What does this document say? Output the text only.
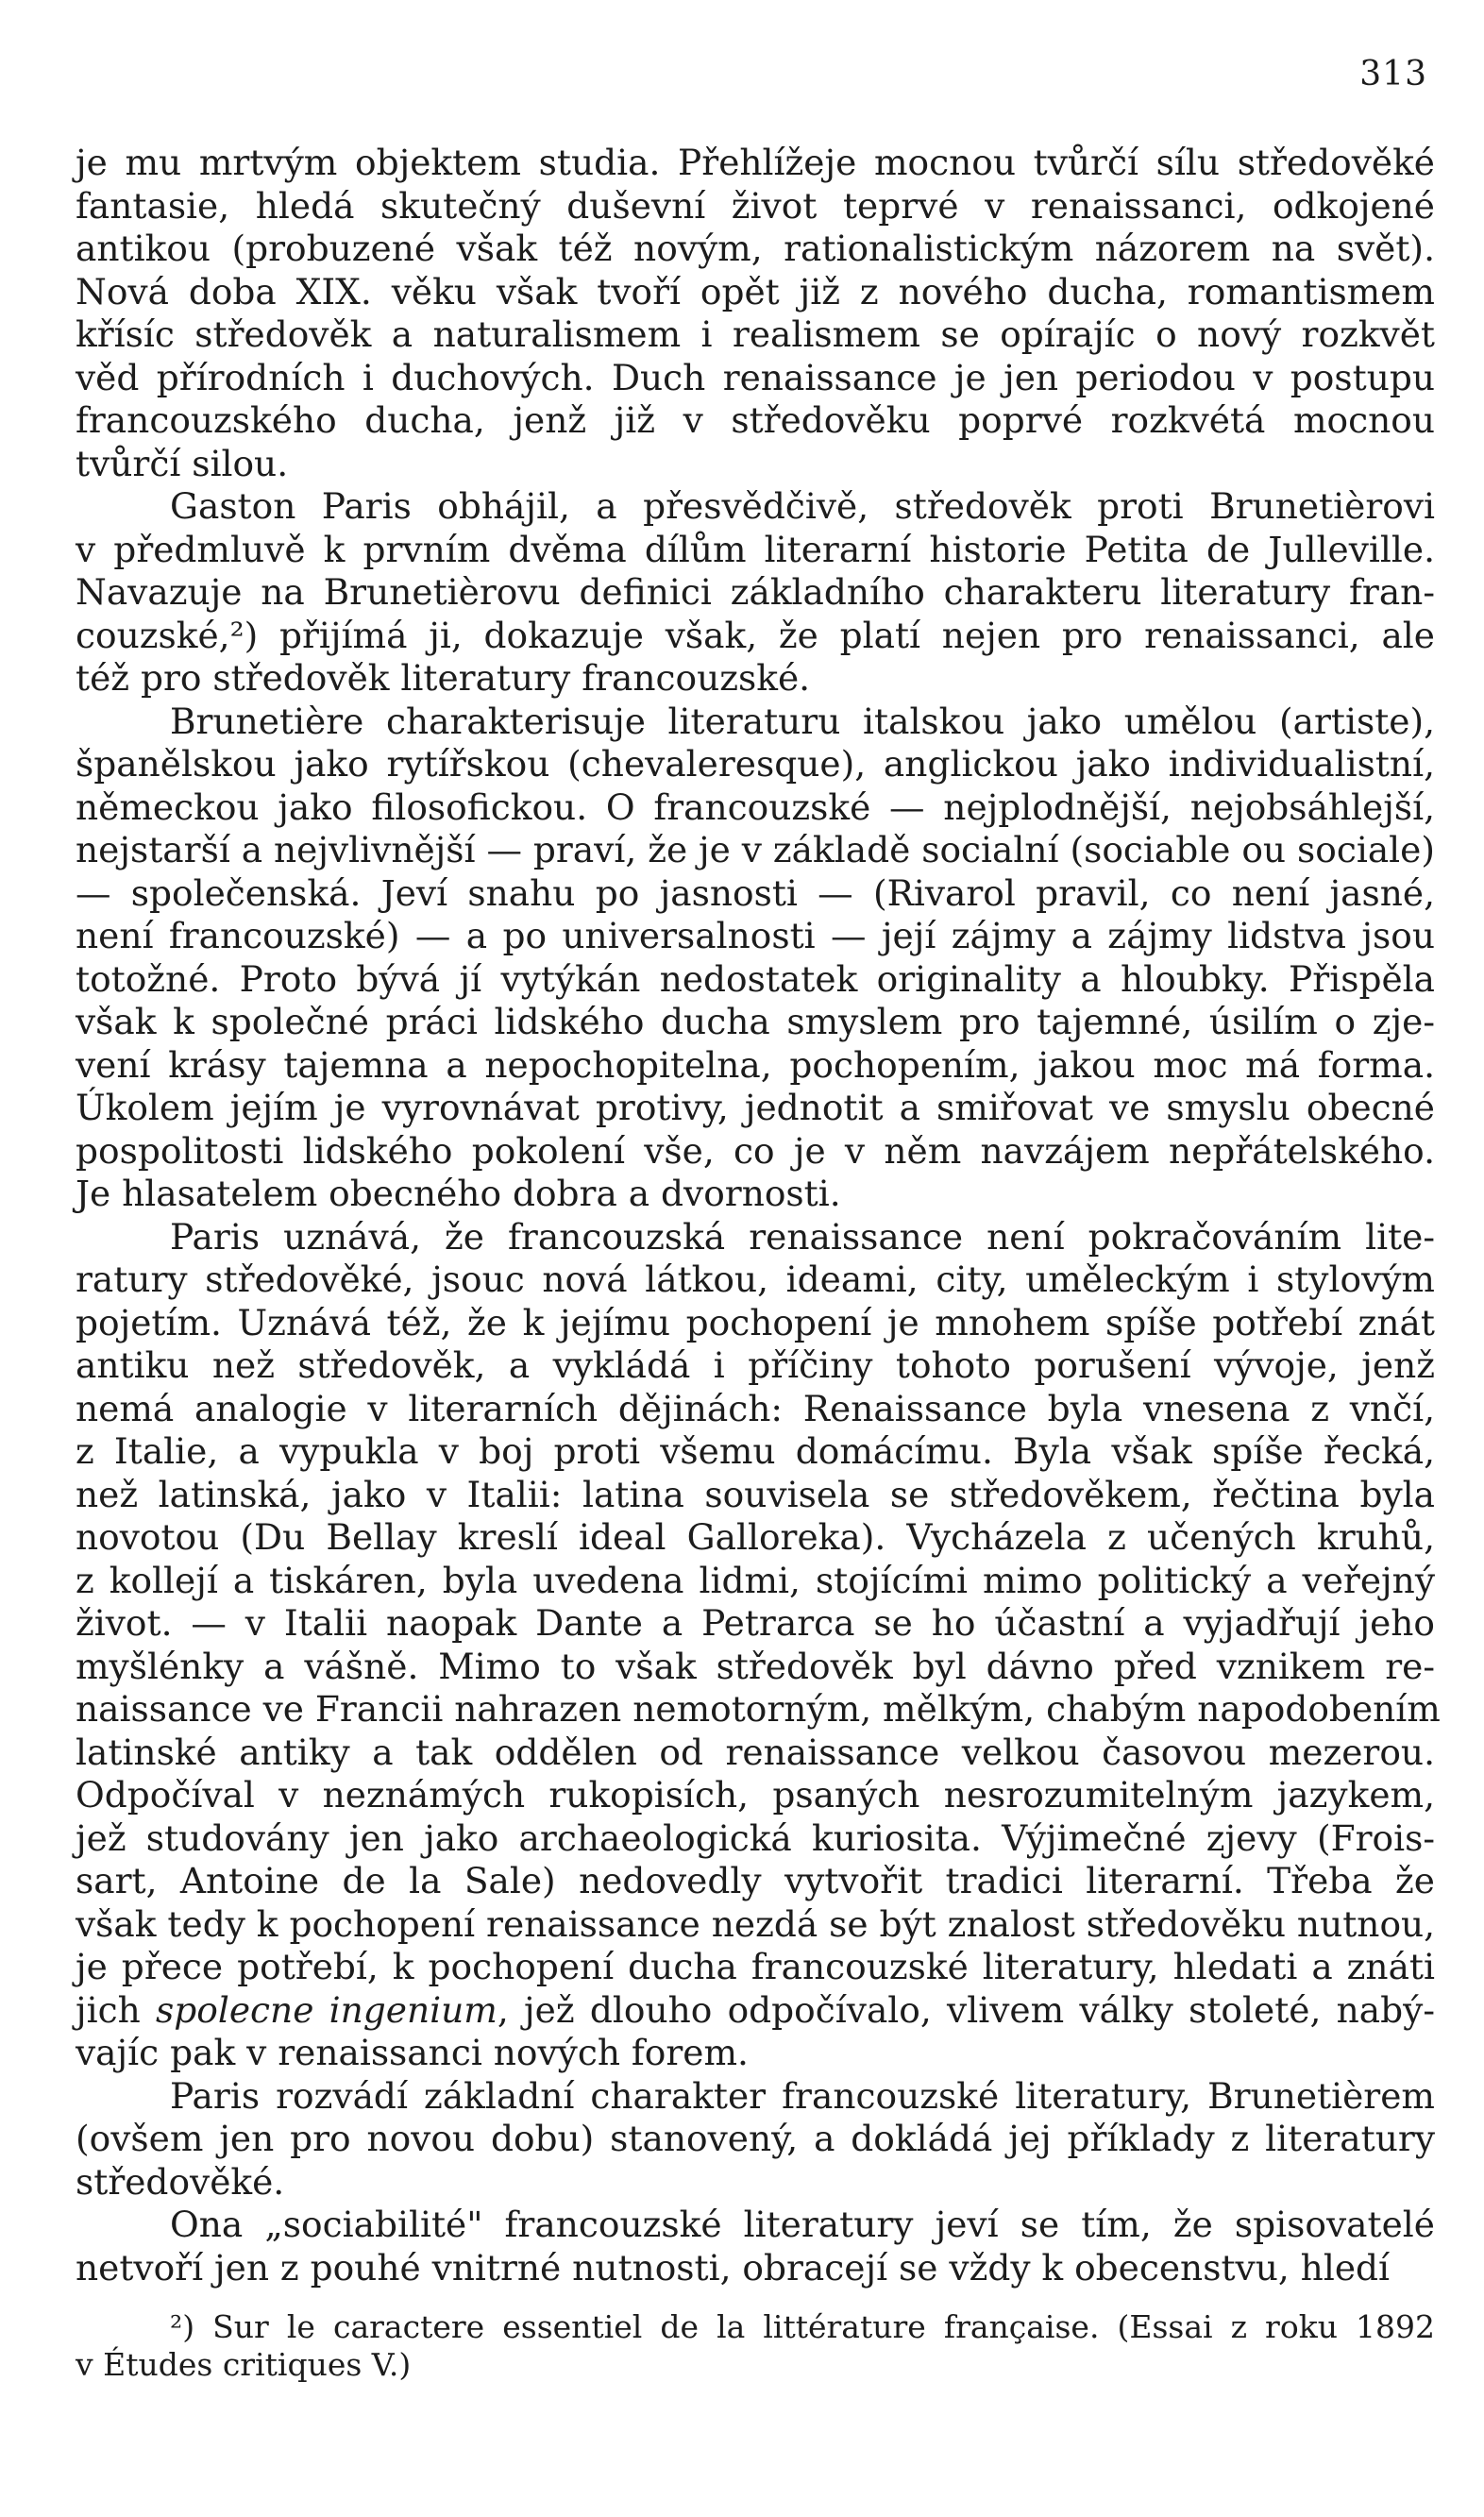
313
je mu mrtvým objektem studia. Přehlížeje mocnou tvůrčí sílu středověké
fantasie, hledá skutečný duševní život teprvé v renaissanci, odkojené
antikou (probuzené však též novým, rationalistickým názorem na svět).
Nová doba XIX. věku však tvoří opět již z nového ducha, romantismem
křísíc středověk a naturalismem i realismem se opírajíc o nový rozkvět
věd přírodních i duchových. Duch renaissance je jen periodou v postupu
francouzského ducha, jenž již v středověku poprvé rozkvétá mocnou
tvůrčí silou.
Gaston Paris obhájil, a přesvědčivě, středověk proti Brunetièrovi
v předmluvě k prvním dvěma dílům literarní historie Petita de Julleville.
Navazuje na Brunetièrovu definici základního charakteru literatury fran-
couzské,²) přijímá ji, dokazuje však, že platí nejen pro renaissanci, ale
též pro středověk literatury francouzské.
Brunetière charakterisuje literaturu italskou jako umělou (artiste),
španělskou jako rytířskou (chevaleresque), anglickou jako individualistní,
německou jako filosofickou. O francouzské — nejplodnější, nejobsáhlejší,
nejstarší a nejvlivnější — praví, že je v základě socialní (sociable ou sociale)
— společenská. Jeví snahu po jasnosti — (Rivarol pravil, co není jasné,
není francouzské) — a po universalnosti — její zájmy a zájmy lidstva jsou
totožné. Proto bývá jí vytýkán nedostatek originality a hloubky. Přispěla
však k společné práci lidského ducha smyslem pro tajemné, úsilím o zje-
vení krásy tajemna a nepochopitelna, pochopením, jakou moc má forma.
Úkolem jejím je vyrovnávat protivy, jednotit a smiřovat ve smyslu obecné
pospolitosti lidského pokolení vše, co je v něm navzájem nepřátelského.
Je hlasatelem obecného dobra a dvornosti.
Paris uznává, že francouzská renaissance není pokračováním lite-
ratury středověké, jsouc nová látkou, ideami, city, uměleckým i stylovým
pojetím. Uznává též, že k jejímu pochopení je mnohem spíše potřebí znát
antiku než středověk, a vykládá i příčiny tohoto porušení vývoje, jenž
nemá analogie v literarních dějinách: Renaissance byla vnesena z vnčí,
z Italie, a vypukla v boj proti všemu domácímu. Byla však spíše řecká,
než latinská, jako v Italii: latina souvisela se středověkem, řečtina byla
novotou (Du Bellay kreslí ideal Galloreka). Vycházela z učených kruhů,
z kollejí a tiskáren, byla uvedena lidmi, stojícími mimo politický a veřejný
život. — v Italii naopak Dante a Petrarca se ho účastní a vyjadřují jeho
myšlénky a vášně. Mimo to však středověk byl dávno před vznikem re-
naissance ve Francii nahrazen nemotorným, mělkým, chabým napodobením
latinské antiky a tak oddělen od renaissance velkou časovou mezerou.
Odpočíval v neznámých rukopisích, psaných nesrozumitelným jazykem,
jež studovány jen jako archaeologická kuriosita. Výjimečné zjevy (Frois-
sart, Antoine de la Sale) nedovedly vytvořit tradici literarní. Třeba že
však tedy k pochopení renaissance nezdá se být znalost středověku nutnou,
je přece potřebí, k pochopení ducha francouzské literatury, hledati a znáti
jich spolecne ingenium, jež dlouho odpočívalo, vlivem války stoleté, nabý-
vajíc pak v renaissanci nových forem.
Paris rozvádí základní charakter francouzské literatury, Brunetièrem
(ovšem jen pro novou dobu) stanovený, a dokládá jej příklady z literatury
středověké.
Ona „sociabilité" francouzské literatury jeví se tím, že spisovatelé
netvoří jen z pouhé vnitrné nutnosti, obracejí se vždy k obecenstvu, hledí
²) Sur le caractere essentiel de la littérature française. (Essai z roku 1892
v Études critiques V.)
